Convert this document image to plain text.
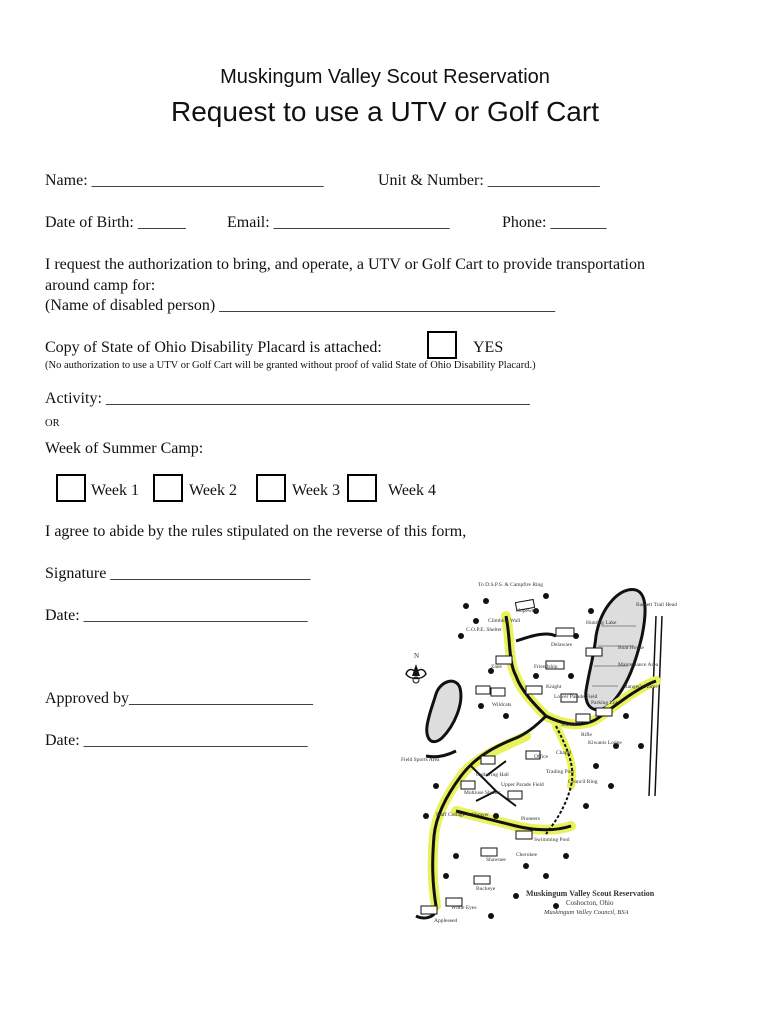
Muskingum Valley Scout Reservation
Request to use a UTV or Golf Cart
Name: _____________________________	Unit & Number: ______________
Date of Birth: ______	Email: ______________________	Phone: _______
I request the authorization to bring, and operate, a UTV or Golf Cart to provide transportation
around camp for:
(Name of disabled person) __________________________________________
Copy of State of Ohio Disability Placard is attached:	YES
(No authorization to use a UTV or Golf Cart will be granted without proof of valid State of Ohio Disability Placard.)
Activity: _____________________________________________________
OR
Week of Summer Camp:
Week 1	Week 2	Week 3	Week 4
I agree to abide by the rules stipulated on the reverse of this form,
Signature _________________________
Date: ____________________________
Approved by_______________________
Date: ____________________________
To D.S.P.S. & Campfire Ring
Hopewell
Climbing Wall
C.O.P.E. Shelter
Barnett Trail Head
Hunting Lake
Delaware
Zane	Friendship
Boat House
Maintenance Area
Ranger's Home
Knight
Lower Parade Field
Wildcats
Shelter
Parking Lot
Rifle
Kiwanis Lodge
Office
Trading Post
Chapel
Council Ring
Field Sports Area
Gathering Hall
Upper Parade Field
Multiuse Shelter
Staff Cottage & Shower
Pioneers
Swimming Pool
Cherokee
Shawnee
Buckeye
Appleseed
White Eyes
N
Muskingum Valley Scout Reservation
Coshocton, Ohio
Muskingum Valley Council, BSA
